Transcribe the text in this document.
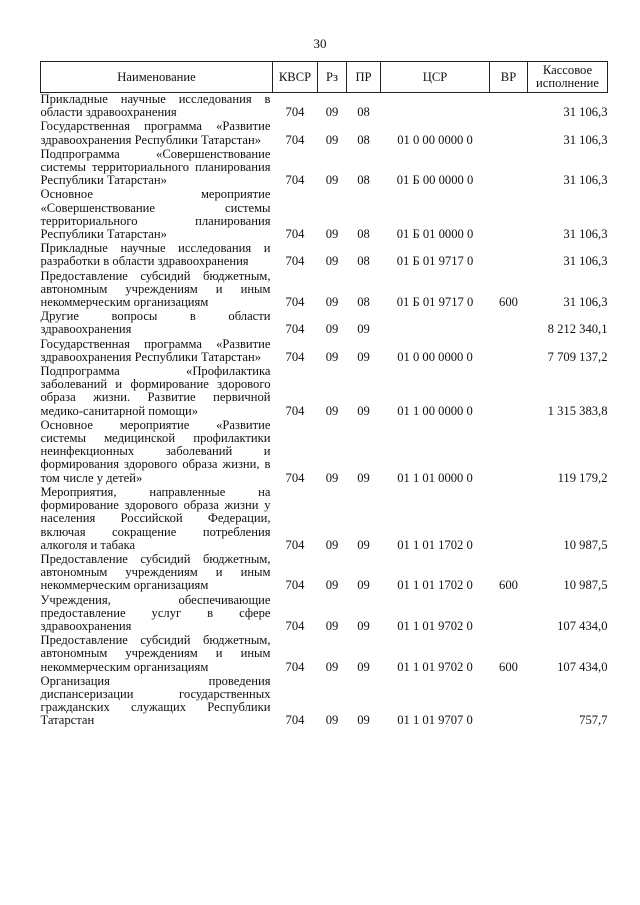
30
Наименование	КВСР	Рз	ПР	ЦСР	ВР	Кассовое исполнение
Прикладные научные исследования в области здравоохранения	704	09	08			31 106,3
Государственная программа «Развитие здравоохранения Республики Татарстан»	704	09	08	01 0 00 0000 0		31 106,3
Подпрограмма «Совершенствование системы территориального планирования Республики Татарстан»	704	09	08	01 Б 00 0000 0		31 106,3
Основное мероприятие «Совершенствование системы территориального планирования Республики Татарстан»	704	09	08	01 Б 01 0000 0		31 106,3
Прикладные научные исследования и разработки в области здравоохранения	704	09	08	01 Б 01 9717 0		31 106,3
Предоставление субсидий бюджетным, автономным учреждениям и иным некоммерческим организациям	704	09	08	01 Б 01 9717 0	600	31 106,3
Другие вопросы в области здравоохранения	704	09	09			8 212 340,1
Государственная программа «Развитие здравоохранения Республики Татарстан»	704	09	09	01 0 00 0000 0		7 709 137,2
Подпрограмма «Профилактика заболеваний и формирование здорового образа жизни. Развитие первичной медико-санитарной помощи»	704	09	09	01 1 00 0000 0		1 315 383,8
Основное мероприятие «Развитие системы медицинской профилактики неинфекционных заболеваний и формирования здорового образа жизни, в том числе у детей»	704	09	09	01 1 01 0000 0		119 179,2
Мероприятия, направленные на формирование здорового образа жизни у населения Российской Федерации, включая сокращение потребления алкоголя и табака	704	09	09	01 1 01 1702 0		10 987,5
Предоставление субсидий бюджетным, автономным учреждениям и иным некоммерческим организациям	704	09	09	01 1 01 1702 0	600	10 987,5
Учреждения, обеспечивающие предоставление услуг в сфере здравоохранения	704	09	09	01 1 01 9702 0		107 434,0
Предоставление субсидий бюджетным, автономным учреждениям и иным некоммерческим организациям	704	09	09	01 1 01 9702 0	600	107 434,0
Организация проведения диспансеризации государственных гражданских служащих Республики Татарстан	704	09	09	01 1 01 9707 0		757,7
